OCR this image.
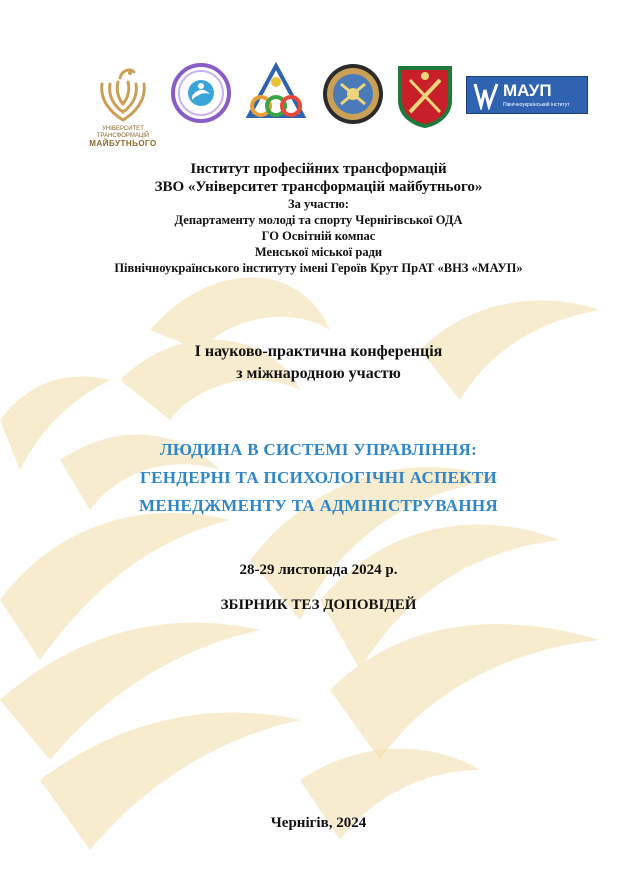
УНІВЕРСИТЕТ ТРАНСФОРМАЦІЙ
МАЙБУТНЬОГО
МАУП
Північноукраїнський інститут
Інститут професійних трансформацій
ЗВО «Університет трансформацій майбутнього»
За участю:
Департаменту молоді та спорту Чернігівської ОДА
ГО Освітній компас
Менської міської ради
Північноукраїнського інституту імені Героїв Крут ПрАТ «ВНЗ «МАУП»
І науково-практична конференція
з міжнародною участю
ЛЮДИНА В СИСТЕМІ УПРАВЛІННЯ:
ГЕНДЕРНІ ТА ПСИХОЛОГІЧНІ АСПЕКТИ
МЕНЕДЖМЕНТУ ТА АДМІНІСТРУВАННЯ
28-29 листопада 2024 р.
ЗБІРНИК ТЕЗ ДОПОВІДЕЙ
Чернігів, 2024
